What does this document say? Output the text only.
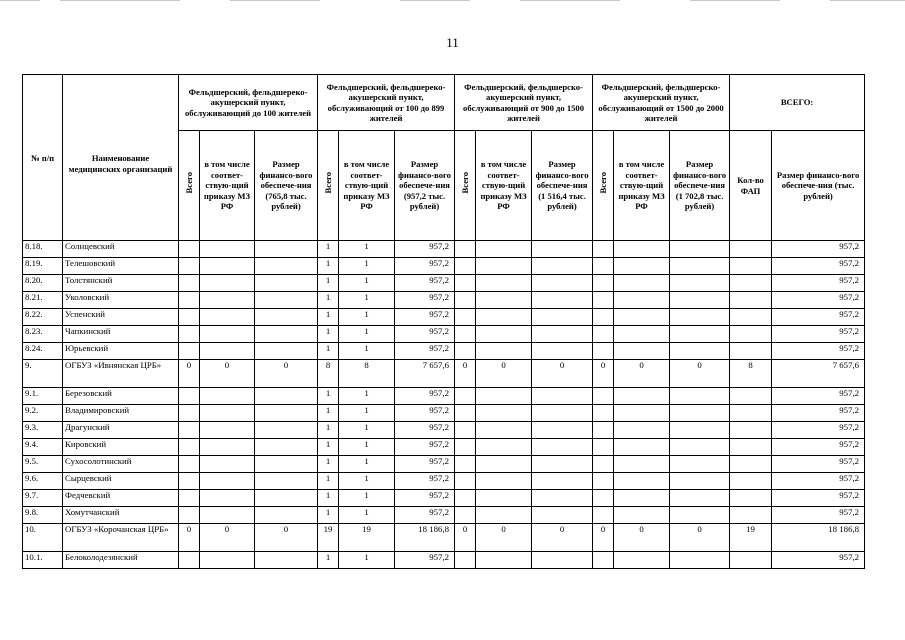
11
№ п/п	Наименование медицинских организаций	Фельдшерский, фельдшереко-акушерский пункт, обслуживающий до 100 жителей			Фельдшерский, фельдшереко-акушерский пункт, обслуживающий от 100 до 899 жителей			Фельдшерский, фельдшерско-акушерский пункт, обслуживающий от 900 до 1500 жителей			Фельдшерский, фельдшерско-акушерский пункт, обслуживающий от 1500 до 2000 жителей			ВСЕГО:	
		Всего	в том числе соответ-ствую-щий приказу МЗ РФ	Размер финансо-вого обеспече-ния (765,8 тыс. рублей)	Всего	в том числе соответ-ствую-щий приказу МЗ РФ	Размер финансо-вого обеспече-ния (957,2 тыс. рублей)	Всего	в том числе соответ-ствую-щий приказу МЗ РФ	Размер финансо-вого обеспече-ния (1 516,4 тыс. рублей)	Всего	в том числе соответ-ствую-щий приказу МЗ РФ	Размер финансо-вого обеспече-ния (1 702,8 тыс. рублей)	Кол-во ФАП	Размер финансо-вого обеспече-ния (тыс. рублей)
8.18.	Солнцевский				1	1	957,2								957,2
8.19.	Телешовский				1	1	957,2								957,2
8.20.	Толстянский				1	1	957,2								957,2
8.21.	Уколовский				1	1	957,2								957,2
8.22.	Успенский				1	1	957,2								957,2
8.23.	Чапкинский				1	1	957,2								957,2
8.24.	Юрьевский				1	1	957,2								957,2
9.	ОГБУЗ «Ивнянская ЦРБ»	0	0	0	8	8	7 657,6	0	0	0	0	0	0	8	7 657,6
9.1.	Березовский				1	1	957,2								957,2
9.2.	Владимировский				1	1	957,2								957,2
9.3.	Драгунский				1	1	957,2								957,2
9.4.	Кировский				1	1	957,2								957,2
9.5.	Сухосолотинский				1	1	957,2								957,2
9.6.	Сырцевский				1	1	957,2								957,2
9.7.	Федчевский				1	1	957,2								957,2
9.8.	Хомутчанский				1	1	957,2								957,2
10.	ОГБУЗ «Корочанская ЦРБ»	0	0	0	19	19	18 186,8	0	0	0	0	0	0	19	18 186,8
10.1.	Белоколодезянский				1	1	957,2								957,2
